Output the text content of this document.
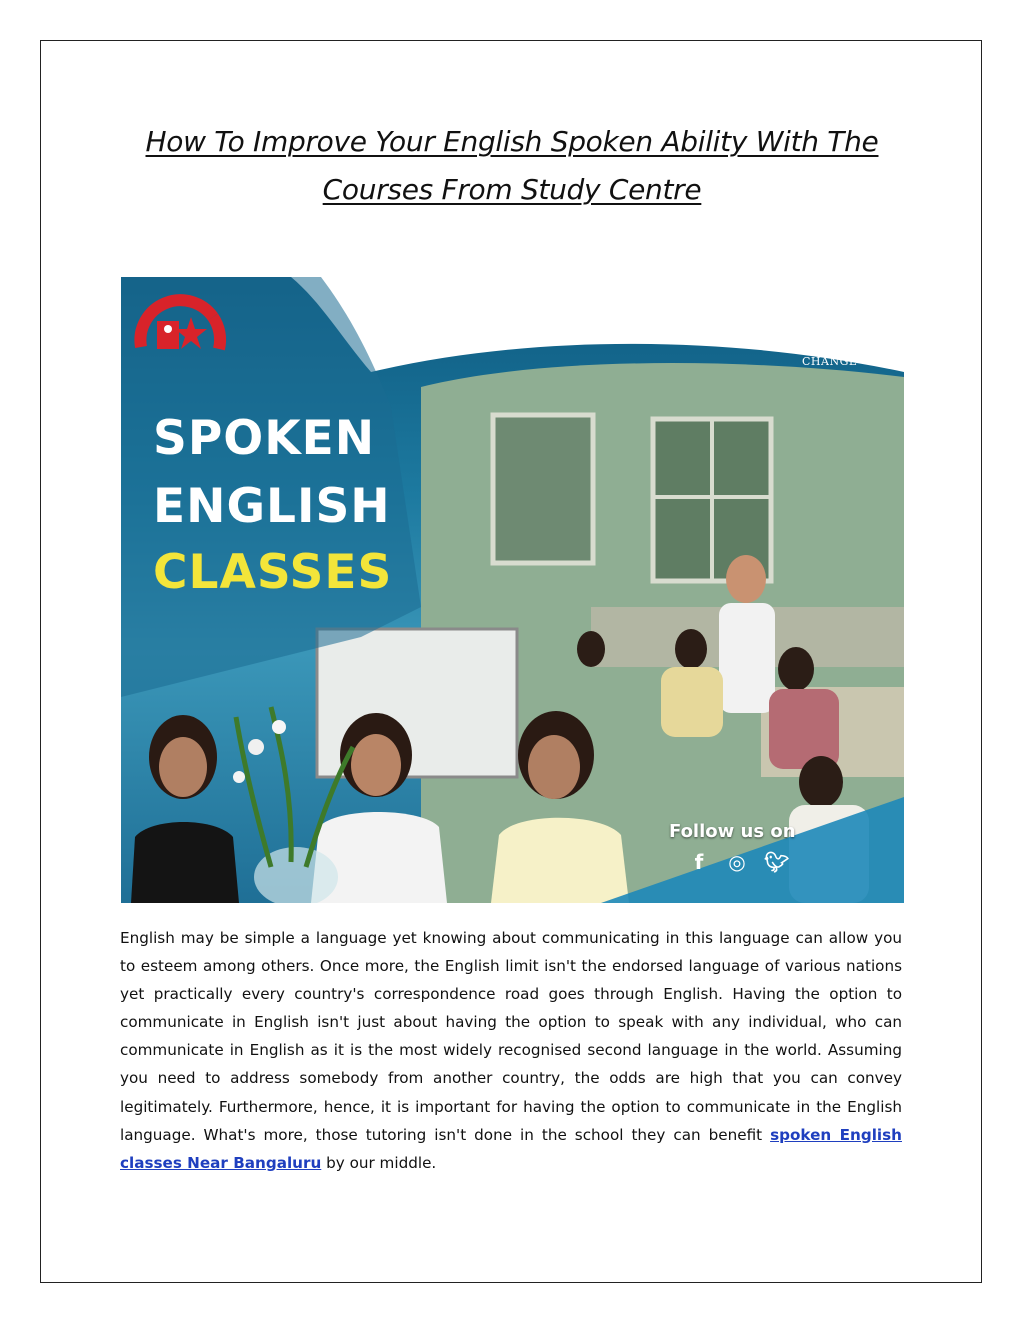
How To Improve Your English Spoken Ability With The Courses From Study Centre
SPOKEN
ENGLISH
CLASSES
CHANGE
Follow us on
f	◎ 🐦︎

English may be simple a language yet knowing about communicating in this language can allow you to esteem among others. Once more, the English limit isn't the endorsed language of various nations yet practically every country's correspondence road goes through English. Having the option to communicate in English isn't just about having the option to speak with any individual, who can communicate in English as it is the most widely recognised second language in the world. Assuming you need to address somebody from another country, the odds are high that you can convey legitimately. Furthermore, hence, it is important for having the option to communicate in the English language. What's more, those tutoring isn't done in the school they can benefit spoken English classes Near Bangaluru by our middle.
